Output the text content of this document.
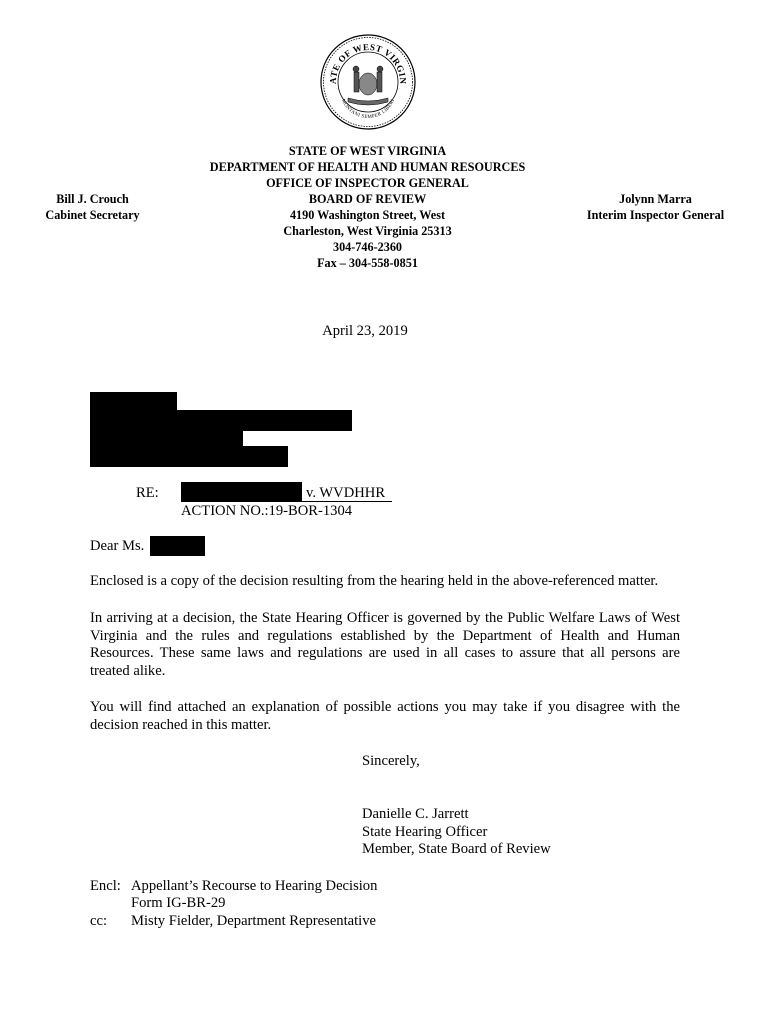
ATE OF WEST VIRGIN
MONTANI SEMPER LIBERI
STATE OF WEST VIRGINIA
DEPARTMENT OF HEALTH AND HUMAN RESOURCES
OFFICE OF INSPECTOR GENERAL
BOARD OF REVIEW
4190 Washington Street, West
Charleston, West Virginia 25313
304-746-2360
Fax – 304-558-0851
Bill J. Crouch
Cabinet Secretary
Jolynn Marra
Interim Inspector General
April 23, 2019
RE:	v. WVDHHR
ACTION NO.:19-BOR-1304
Dear Ms.
Enclosed is a copy of the decision resulting from the hearing held in the above-referenced matter.
In arriving at a decision, the State Hearing Officer is governed by the Public Welfare Laws of West Virginia and the rules and regulations established by the Department of Health and Human Resources. These same laws and regulations are used in all cases to assure that all persons are treated alike.
You will find attached an explanation of possible actions you may take if you disagree with the decision reached in this matter.
Sincerely,
Danielle C. Jarrett
State Hearing Officer
Member, State Board of Review
Encl: Appellant’s Recourse to Hearing Decision
Form IG-BR-29
cc: Misty Fielder, Department Representative
